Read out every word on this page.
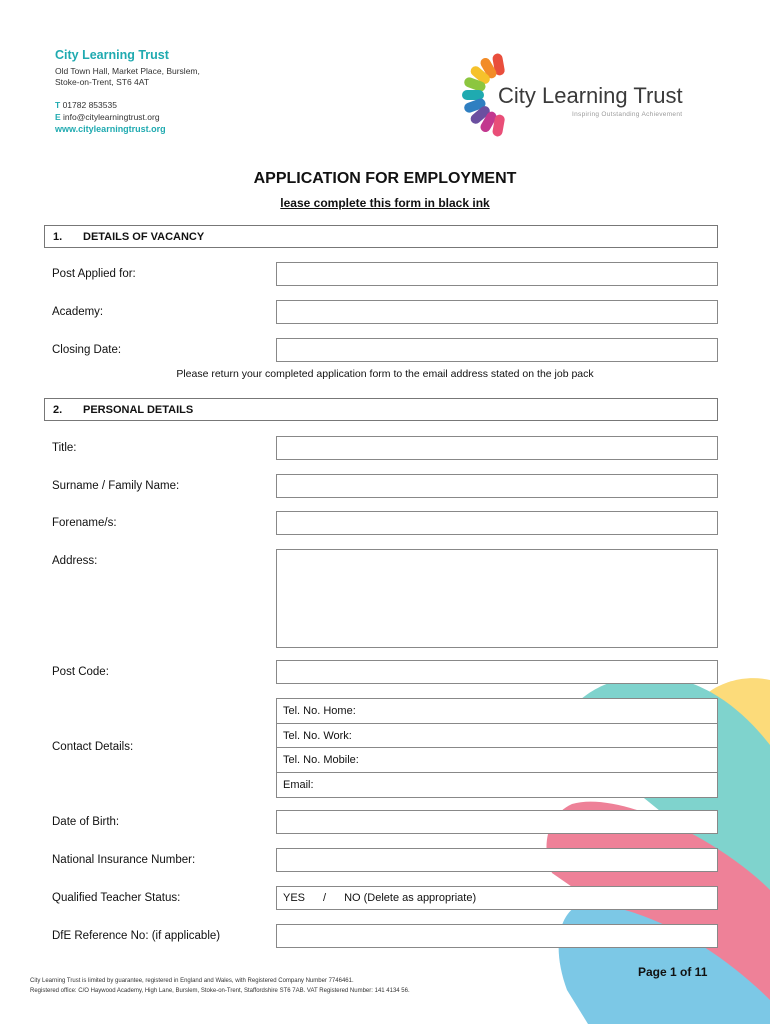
City Learning Trust
Old Town Hall, Market Place, Burslem,
Stoke-on-Trent, ST6 4AT
T 01782 853535
E info@citylearningtrust.org
www.citylearningtrust.org
City Learning Trust
Inspiring Outstanding Achievement
APPLICATION FOR EMPLOYMENT
lease complete this form in black ink
1. DETAILS OF VACANCY
Post Applied for:
Academy:
Closing Date:
Please return your completed application form to the email address stated on the job pack
2. PERSONAL DETAILS
Title:
Surname / Family Name:
Forename/s:
Address:
Post Code:
Contact Details:
Tel. No. Home:
Tel. No. Work:
Tel. No. Mobile:
Email:
Date of Birth:
National Insurance Number:
Qualified Teacher Status:	YES / NO (Delete as appropriate)
DfE Reference No: (if applicable)
City Learning Trust is limited by guarantee, registered in England and Wales, with Registered Company Number 7746461.
Registered office: C/O Haywood Academy, High Lane, Burslem, Stoke-on-Trent, Staffordshire ST6 7AB. VAT Registered Number: 141 4134 56.
Page 1 of 11
